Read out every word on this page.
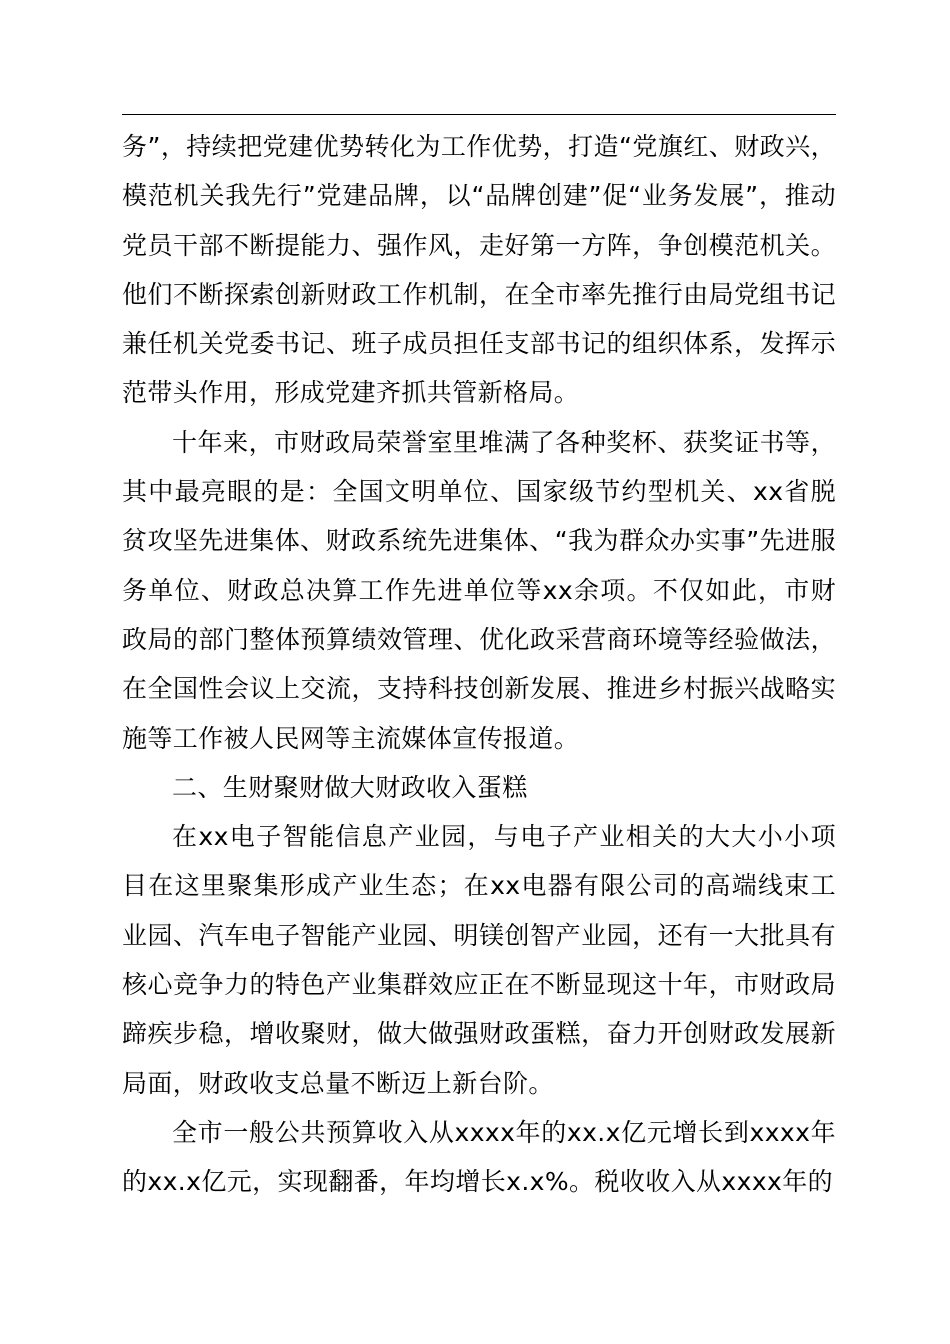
务”，持续把党建优势转化为工作优势，打造“党旗红、财政兴，模范机关我先行”党建品牌，以“品牌创建”促“业务发展”，推动党员干部不断提能力、强作风，走好第一方阵，争创模范机关。他们不断探索创新财政工作机制，在全市率先推行由局党组书记兼任机关党委书记、班子成员担任支部书记的组织体系，发挥示范带头作用，形成党建齐抓共管新格局。

十年来，市财政局荣誉室里堆满了各种奖杯、获奖证书等，其中最亮眼的是：全国文明单位、国家级节约型机关、xx省脱贫攻坚先进集体、财政系统先进集体、“我为群众办实事”先进服务单位、财政总决算工作先进单位等xx余项。不仅如此，市财政局的部门整体预算绩效管理、优化政采营商环境等经验做法，在全国性会议上交流，支持科技创新发展、推进乡村振兴战略实施等工作被人民网等主流媒体宣传报道。

二、生财聚财做大财政收入蛋糕

在xx电子智能信息产业园，与电子产业相关的大大小小项目在这里聚集形成产业生态；在xx电器有限公司的高端线束工业园、汽车电子智能产业园、明镁创智产业园，还有一大批具有核心竞争力的特色产业集群效应正在不断显现这十年，市财政局蹄疾步稳，增收聚财，做大做强财政蛋糕，奋力开创财政发展新局面，财政收支总量不断迈上新台阶。

全市一般公共预算收入从xxxx年的xx.x亿元增长到xxxx年的xx.x亿元，实现翻番，年均增长x.x%。税收收入从xxxx年的
